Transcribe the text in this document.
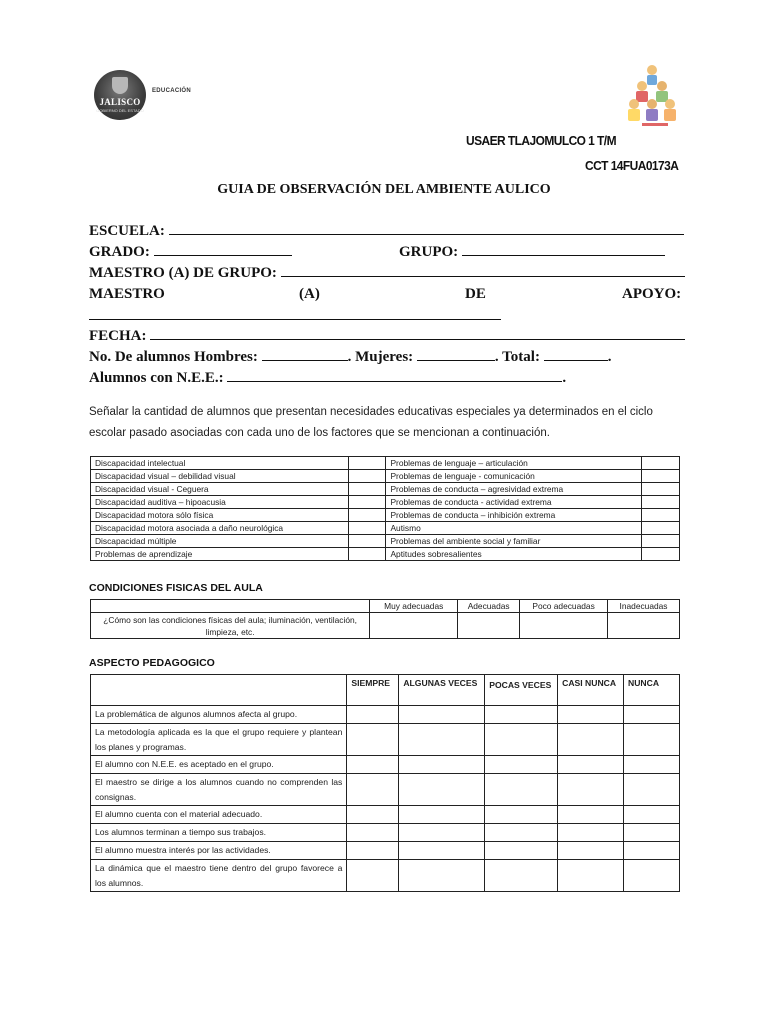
JALISCO
GOBIERNO DEL ESTADO
EDUCACIÓN
USAER TLAJOMULCO 1 T/M
CCT 14FUA0173A
GUIA DE OBSERVACIÓN DEL AMBIENTE AULICO
ESCUELA:
GRADO:	GRUPO:
MAESTRO (A) DE GRUPO:
MAESTRO	(A)	DE	APOYO:
FECHA:
No. De alumnos Hombres:	. Mujeres:	. Total:	.
Alumnos con N.E.E.:	.
Señalar la cantidad de alumnos que presentan necesidades educativas especiales ya determinados en el ciclo escolar pasado asociadas con cada uno de los factores que se mencionan a continuación.
Discapacidad intelectual		Problemas de lenguaje – articulación	
Discapacidad visual – debilidad visual		Problemas de lenguaje - comunicación	
Discapacidad visual - Ceguera		Problemas de conducta – agresividad extrema	
Discapacidad auditiva – hipoacusia		Problemas de conducta - actividad extrema	
Discapacidad motora sólo física		Problemas de conducta – inhibición extrema	
Discapacidad motora asociada a daño neurológica		Autismo	
Discapacidad múltiple		Problemas del ambiente social y familiar	
Problemas de aprendizaje		Aptitudes sobresalientes	
CONDICIONES FISICAS DEL AULA
	Muy adecuadas	Adecuadas	Poco adecuadas	Inadecuadas
¿Cómo son las condiciones físicas del aula; iluminación, ventilación, limpieza, etc.				
ASPECTO PEDAGOGICO
	SIEMPRE	ALGUNAS VECES	POCAS VECES	CASI NUNCA	NUNCA
La problemática de algunos alumnos afecta al grupo.					
La metodología aplicada es la que el grupo requiere y plantean los planes y programas.					
El alumno con N.E.E. es aceptado en el grupo.					
El maestro se dirige a los alumnos cuando no comprenden las consignas.					
El alumno cuenta con el material adecuado.					
Los alumnos terminan a tiempo sus trabajos.					
El alumno muestra interés por las actividades.					
La dinámica que el maestro tiene dentro del grupo favorece a los alumnos.					
